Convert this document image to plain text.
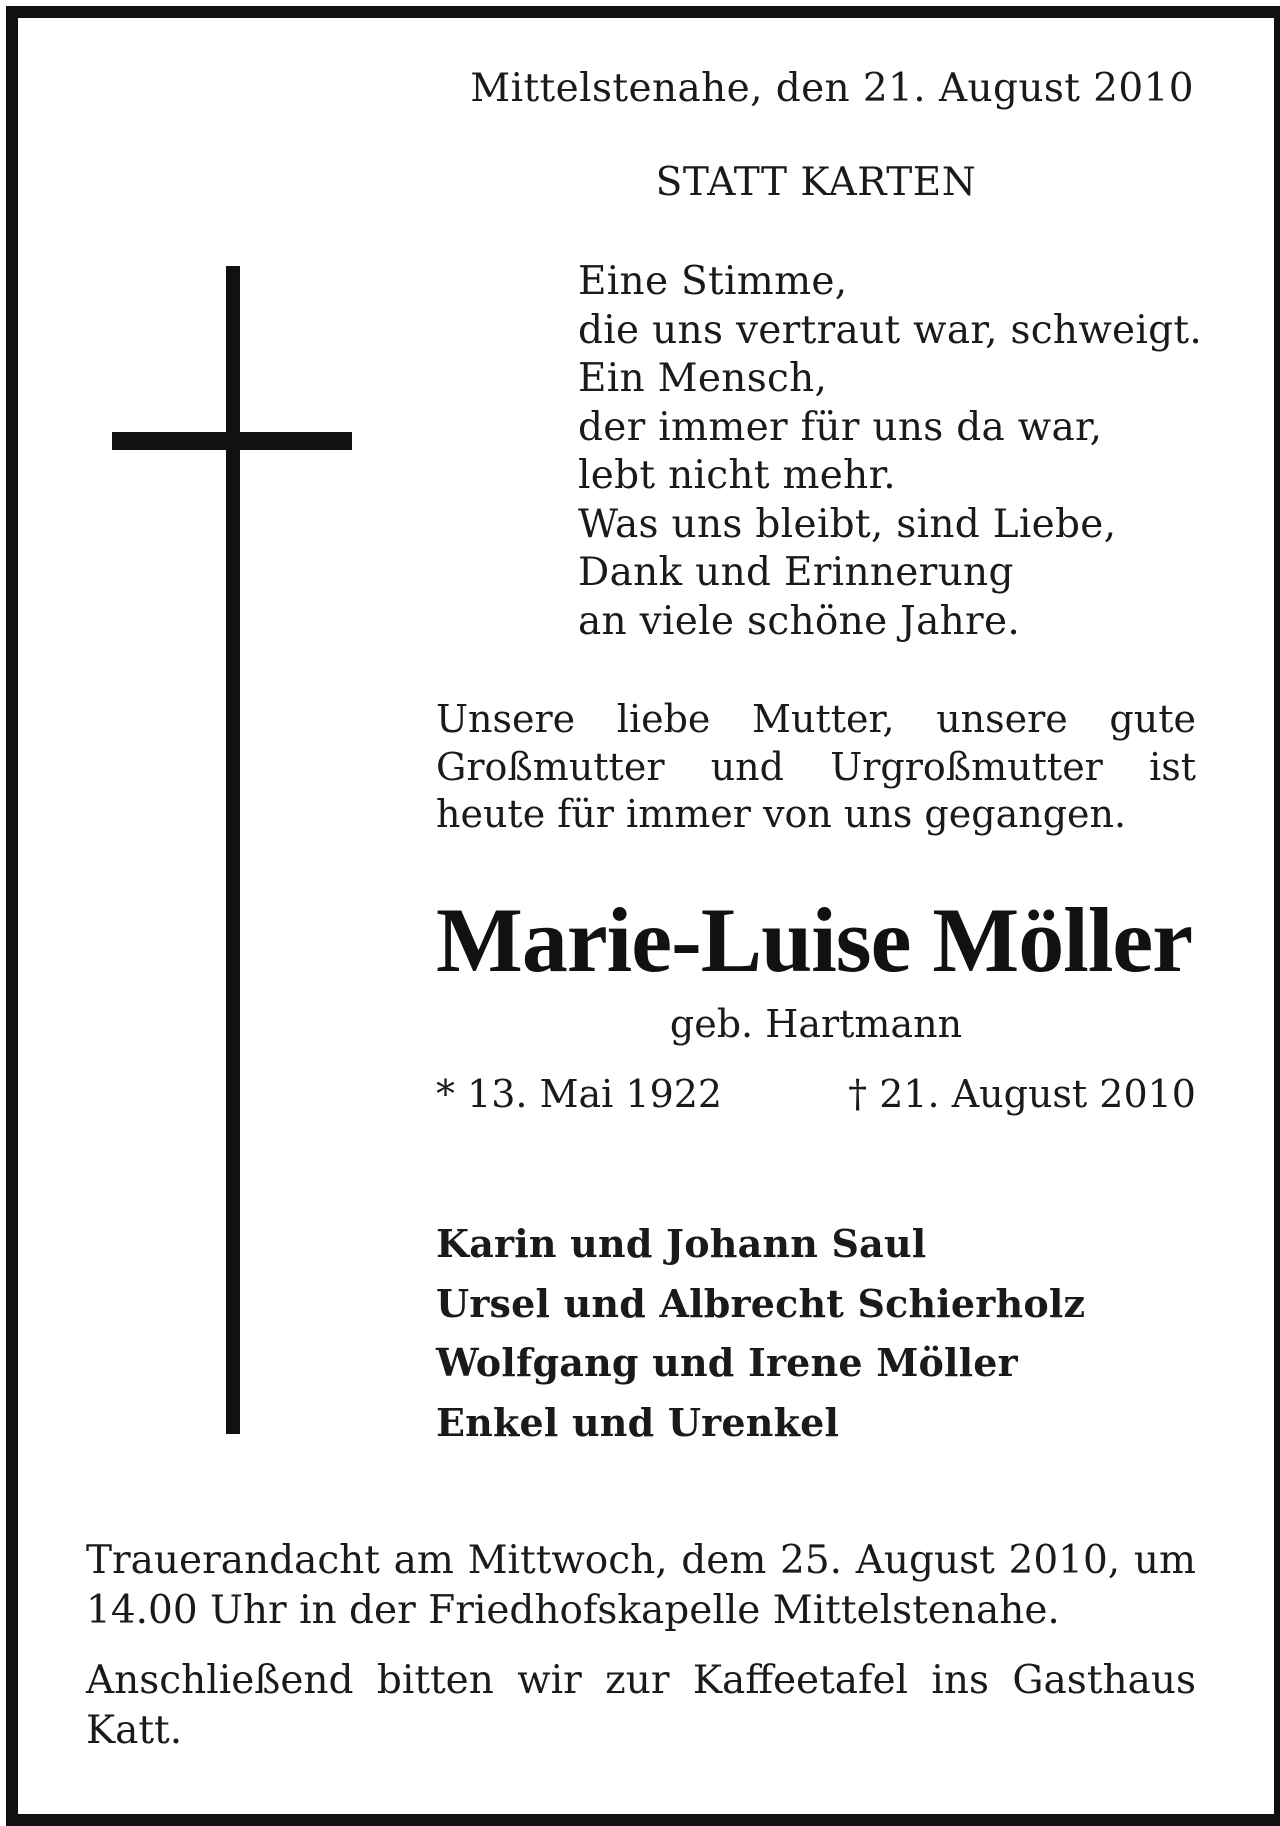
Mittelstenahe, den 21. August 2010
STATT KARTEN
Eine Stimme,
die uns vertraut war, schweigt.
Ein Mensch,
der immer für uns da war,
lebt nicht mehr.
Was uns bleibt, sind Liebe,
Dank und Erinnerung
an viele schöne Jahre.
Unsere liebe Mutter, unsere gute
Großmutter und Urgroßmutter ist
heute für immer von uns gegangen.
Marie-Luise Möller
geb. Hartmann
* 13. Mai 1922	† 21. August 2010
Karin und Johann Saul
Ursel und Albrecht Schierholz
Wolfgang und Irene Möller
Enkel und Urenkel
Trauerandacht am Mittwoch, dem 25. August 2010, um
14.00 Uhr in der Friedhofskapelle Mittelstenahe.
Anschließend bitten wir zur Kaffeetafel ins Gasthaus
Katt.
